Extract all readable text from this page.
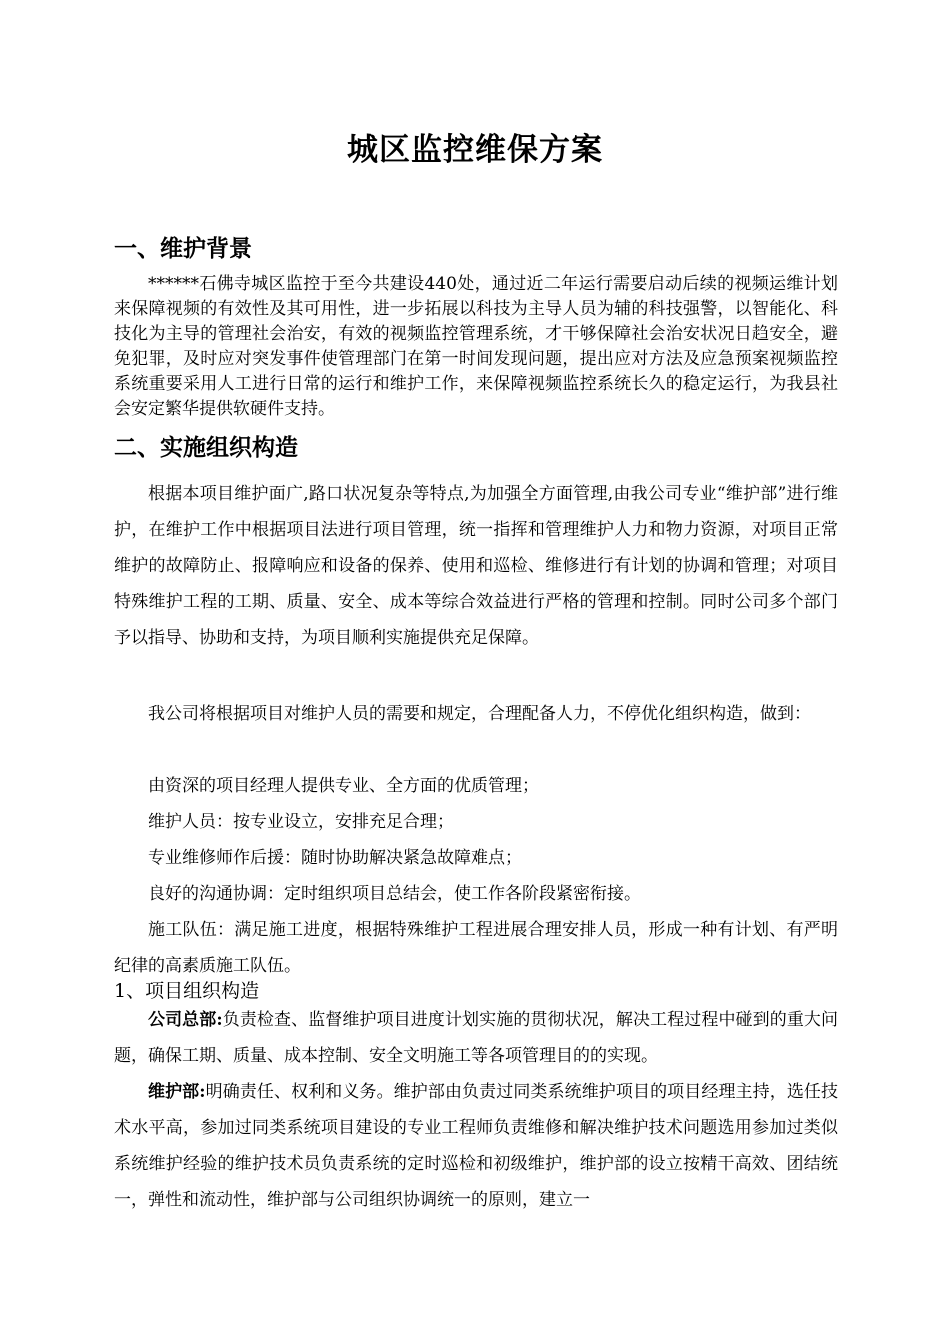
城区监控维保方案
一、维护背景
******石佛寺城区监控于至今共建设440处，通过近二年运行需要启动后续的视频运维计划来保障视频的有效性及其可用性，进一步拓展以科技为主导人员为辅的科技强警，以智能化、科技化为主导的管理社会治安，有效的视频监控管理系统，才干够保障社会治安状况日趋安全，避免犯罪，及时应对突发事件使管理部门在第一时间发现问题，提出应对方法及应急预案视频监控系统重要采用人工进行日常的运行和维护工作，来保障视频监控系统长久的稳定运行，为我县社会安定繁华提供软硬件支持。
二、实施组织构造
根据本项目维护面广,路口状况复杂等特点,为加强全方面管理,由我公司专业“维护部”进行维护，在维护工作中根据项目法进行项目管理，统一指挥和管理维护人力和物力资源，对项目正常维护的故障防止、报障响应和设备的保养、使用和巡检、维修进行有计划的协调和管理；对项目特殊维护工程的工期、质量、安全、成本等综合效益进行严格的管理和控制。同时公司多个部门予以指导、协助和支持，为项目顺利实施提供充足保障。
我公司将根据项目对维护人员的需要和规定，合理配备人力，不停优化组织构造，做到：
由资深的项目经理人提供专业、全方面的优质管理；
维护人员：按专业设立，安排充足合理；
专业维修师作后援：随时协助解决紧急故障难点；
良好的沟通协调：定时组织项目总结会，使工作各阶段紧密衔接。
施工队伍：满足施工进度，根据特殊维护工程进展合理安排人员，形成一种有计划、有严明纪律的高素质施工队伍。
1、项目组织构造
公司总部:负责检查、监督维护项目进度计划实施的贯彻状况，解决工程过程中碰到的重大问题，确保工期、质量、成本控制、安全文明施工等各项管理目的的实现。
维护部:明确责任、权利和义务。维护部由负责过同类系统维护项目的项目经理主持，选任技术水平高，参加过同类系统项目建设的专业工程师负责维修和解决维护技术问题选用参加过类似系统维护经验的维护技术员负责系统的定时巡检和初级维护，维护部的设立按精干高效、团结统一，弹性和流动性，维护部与公司组织协调统一的原则，建立一
